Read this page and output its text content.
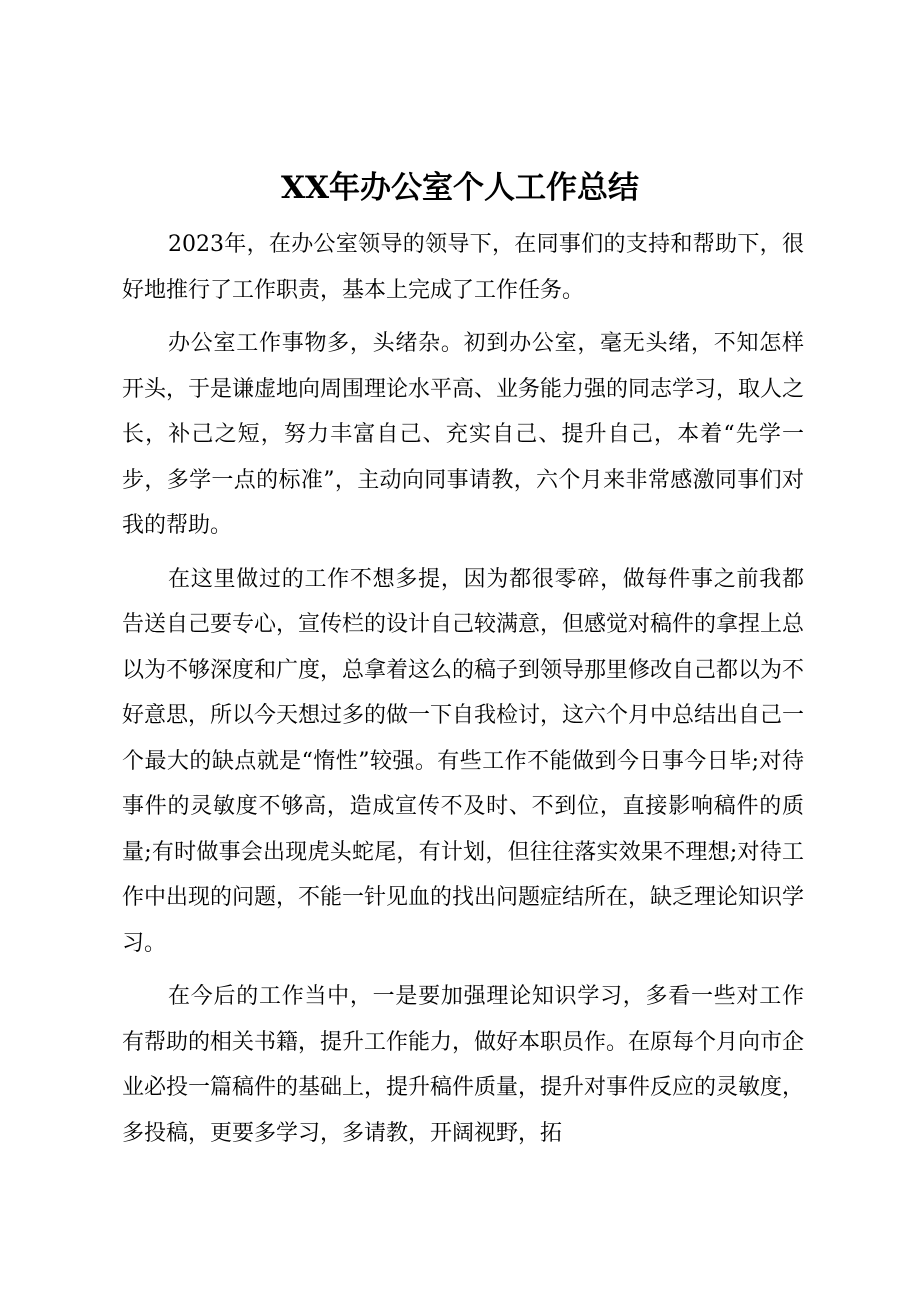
XX年办公室个人工作总结

2023年，在办公室领导的领导下，在同事们的支持和帮助下，很好地推行了工作职责，基本上完成了工作任务。

办公室工作事物多，头绪杂。初到办公室，毫无头绪，不知怎样开头，于是谦虚地向周围理论水平高、业务能力强的同志学习，取人之长，补己之短，努力丰富自己、充实自己、提升自己，本着“先学一步，多学一点的标准”，主动向同事请教，六个月来非常感激同事们对我的帮助。

在这里做过的工作不想多提，因为都很零碎，做每件事之前我都告送自己要专心，宣传栏的设计自己较满意，但感觉对稿件的拿捏上总以为不够深度和广度，总拿着这么的稿子到领导那里修改自己都以为不好意思，所以今天想过多的做一下自我检讨，这六个月中总结出自己一个最大的缺点就是“惰性”较强。有些工作不能做到今日事今日毕;对待事件的灵敏度不够高，造成宣传不及时、不到位，直接影响稿件的质量;有时做事会出现虎头蛇尾，有计划，但往往落实效果不理想;对待工作中出现的问题，不能一针见血的找出问题症结所在，缺乏理论知识学习。

在今后的工作当中，一是要加强理论知识学习，多看一些对工作有帮助的相关书籍，提升工作能力，做好本职员作。在原每个月向市企业必投一篇稿件的基础上，提升稿件质量，提升对事件反应的灵敏度，多投稿，更要多学习，多请教，开阔视野，拓
